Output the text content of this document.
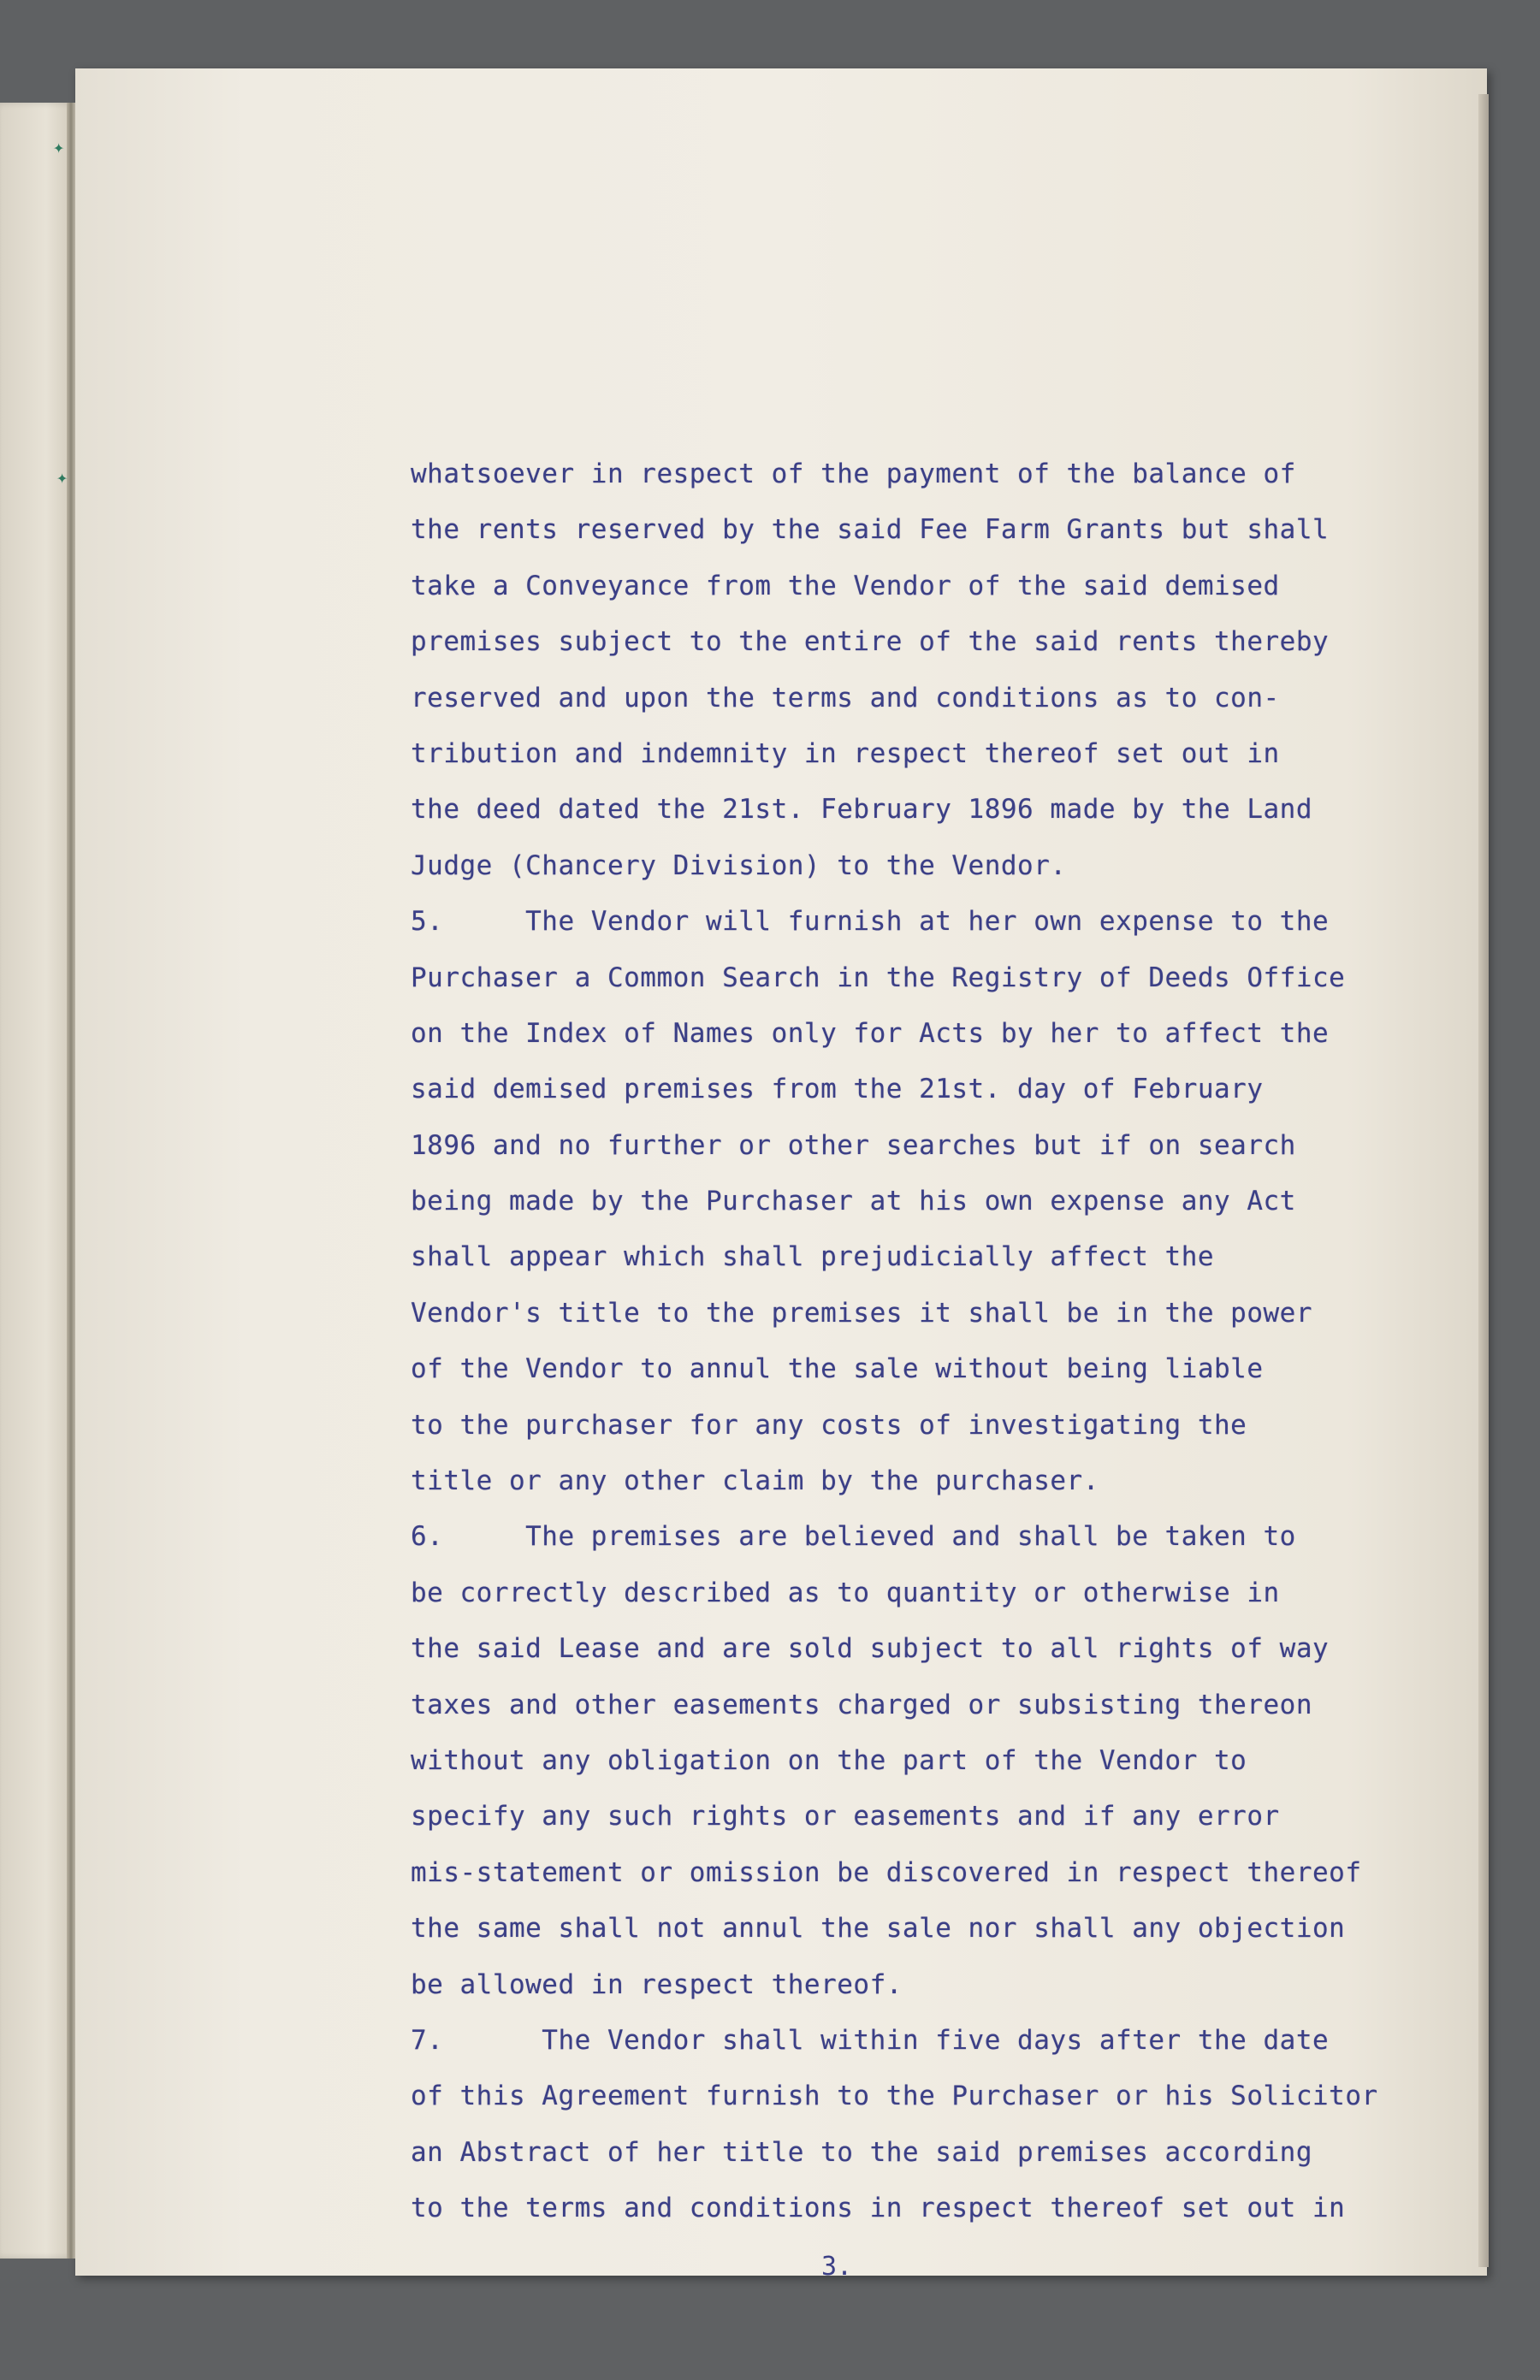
✦
✦	whatsoever in respect of the payment of the balance of
the rents reserved by the said Fee Farm Grants but shall
take a Conveyance from the Vendor of the said demised
premises subject to the entire of the said rents thereby
reserved and upon the terms and conditions as to con-
tribution and indemnity in respect thereof set out in
the deed dated the 21st. February 1896 made by the Land
Judge (Chancery Division) to the Vendor.
5.     The Vendor will furnish at her own expense to the
Purchaser a Common Search in the Registry of Deeds Office
on the Index of Names only for Acts by her to affect the
said demised premises from the 21st. day of February
1896 and no further or other searches but if on search
being made by the Purchaser at his own expense any Act
shall appear which shall prejudicially affect the
Vendor's title to the premises it shall be in the power
of the Vendor to annul the sale without being liable
to the purchaser for any costs of investigating the
title or any other claim by the purchaser.
6.     The premises are believed and shall be taken to
be correctly described as to quantity or otherwise in
the said Lease and are sold subject to all rights of way
taxes and other easements charged or subsisting thereon
without any obligation on the part of the Vendor to
specify any such rights or easements and if any error
mis-statement or omission be discovered in respect thereof
the same shall not annul the sale nor shall any objection
be allowed in respect thereof.
7.      The Vendor shall within five days after the date
of this Agreement furnish to the Purchaser or his Solicitor
an Abstract of her title to the said premises according
to the terms and conditions in respect thereof set out in
3.
